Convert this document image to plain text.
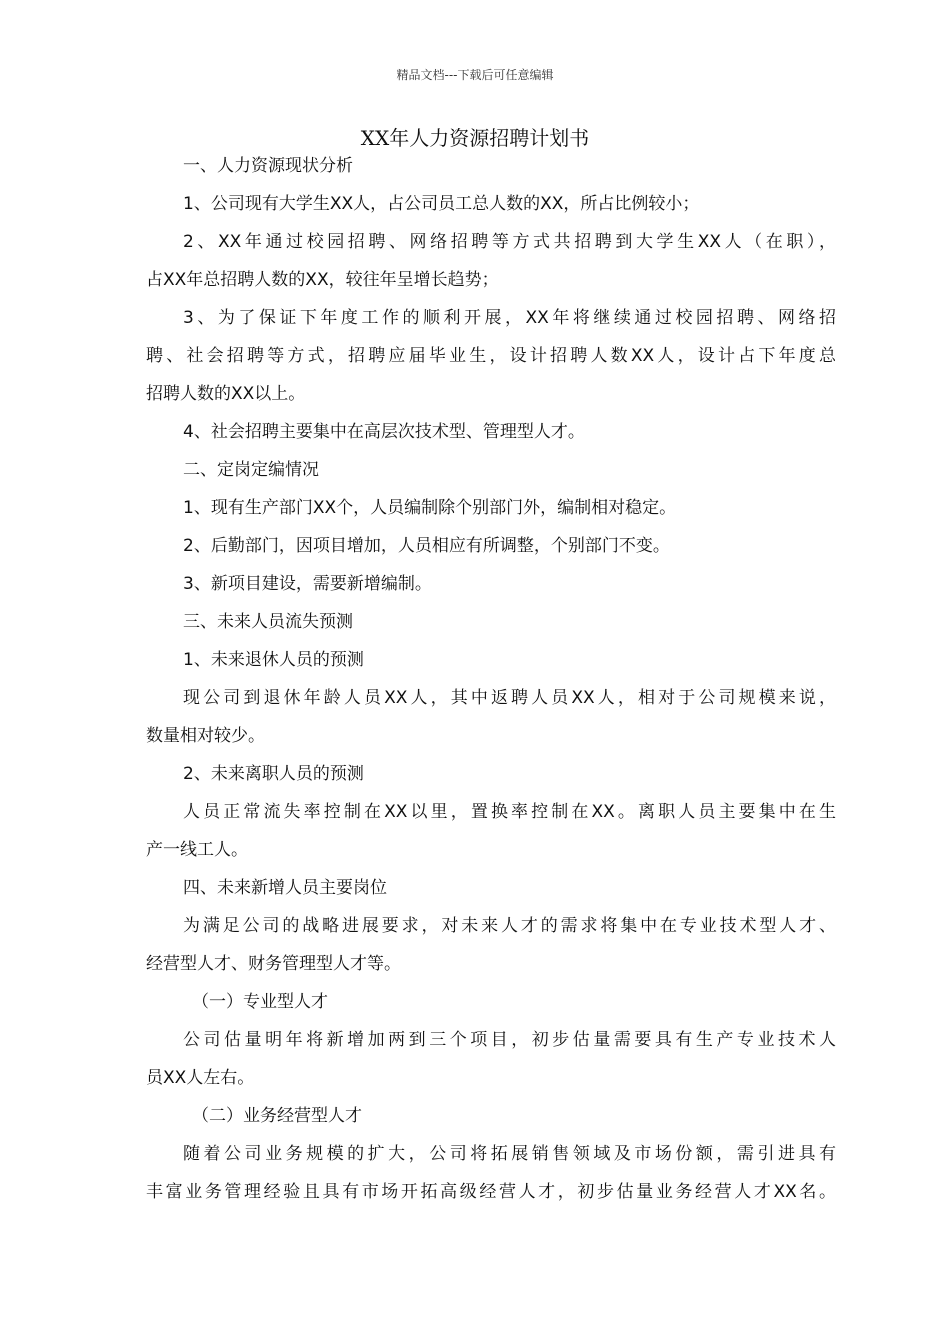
精品文档---下载后可任意编辑
XX年人力资源招聘计划书
一、人力资源现状分析
1、公司现有大学生XX人，占公司员工总人数的XX，所占比例较小；
2、XX年通过校园招聘、网络招聘等方式共招聘到大学生XX人（在职），
占XX年总招聘人数的XX，较往年呈增长趋势；
3、为了保证下年度工作的顺利开展，XX年将继续通过校园招聘、网络招
聘、社会招聘等方式，招聘应届毕业生，设计招聘人数XX人，设计占下年度总
招聘人数的XX以上。
4、社会招聘主要集中在高层次技术型、管理型人才。
二、定岗定编情况
1、现有生产部门XX个，人员编制除个别部门外，编制相对稳定。
2、后勤部门，因项目增加，人员相应有所调整，个别部门不变。
3、新项目建设，需要新增编制。
三、未来人员流失预测
1、未来退休人员的预测
现公司到退休年龄人员XX人，其中返聘人员XX人，相对于公司规模来说，
数量相对较少。
2、未来离职人员的预测
人员正常流失率控制在XX以里，置换率控制在XX。离职人员主要集中在生
产一线工人。
四、未来新增人员主要岗位
为满足公司的战略进展要求，对未来人才的需求将集中在专业技术型人才、
经营型人才、财务管理型人才等。
（一）专业型人才
公司估量明年将新增加两到三个项目，初步估量需要具有生产专业技术人
员XX人左右。
（二）业务经营型人才
随着公司业务规模的扩大，公司将拓展销售领域及市场份额，需引进具有
丰富业务管理经验且具有市场开拓高级经营人才，初步估量业务经营人才XX名。
